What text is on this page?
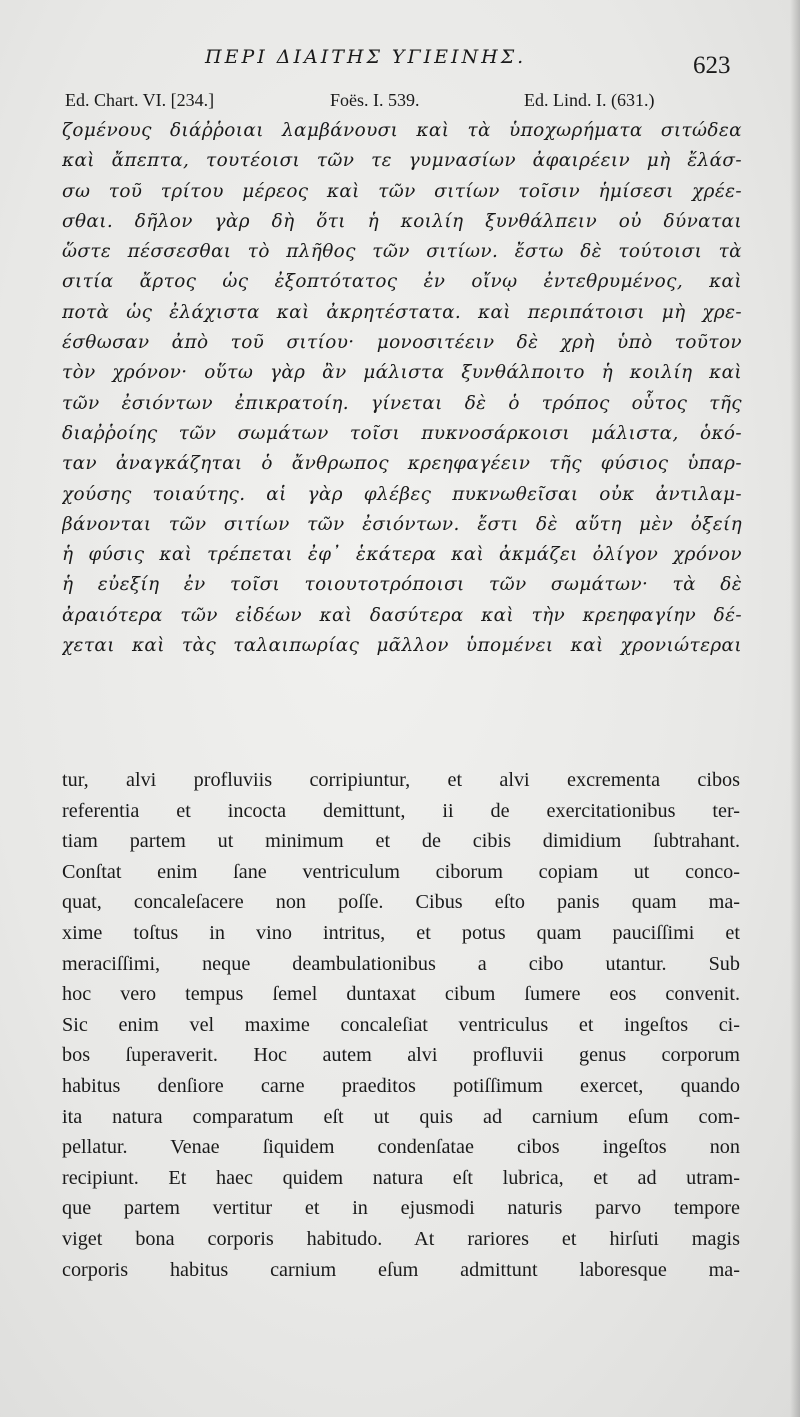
ΠΕΡΙ ΔΙΑΙΤΗΣ ΥΓΙΕΙΝΗΣ.	623
Ed. Chart. VI. [234.]	Foës. I. 539.	Ed. Lind. I. (631.)
ζομένους διάῤῥοιαι λαμβάνουσι καὶ τὰ ὑποχωρήματα σιτώδεα
καὶ ἄπεπτα, τουτέοισι τῶν τε γυμνασίων ἀφαιρέειν μὴ ἔλάσ-
σω τοῦ τρίτου μέρεος καὶ τῶν σιτίων τοῖσιν ἡμίσεσι χρέε-
σθαι. δῆλον γὰρ δὴ ὅτι ἡ κοιλίη ξυνθάλπειν οὐ δύναται
ὥστε πέσσεσθαι τὸ πλῆθος τῶν σιτίων. ἔστω δὲ τούτοισι τὰ
σιτία ἄρτος ὡς ἐξοπτότατος ἐν οἴνῳ ἐντεθρυμένος, καὶ
ποτὰ ὡς ἐλάχιστα καὶ ἀκρητέστατα. καὶ περιπάτοισι μὴ χρε-
έσθωσαν ἀπὸ τοῦ σιτίου· μονοσιτέειν δὲ χρὴ ὑπὸ τοῦτον
τὸν χρόνον· οὕτω γὰρ ἂν μάλιστα ξυνθάλποιτο ἡ κοιλίη καὶ
τῶν ἐσιόντων ἐπικρατοίη. γίνεται δὲ ὁ τρόπος οὗτος τῆς
διαῤῥοίης τῶν σωμάτων τοῖσι πυκνοσάρκοισι μάλιστα, ὁκό-
ταν ἀναγκάζηται ὁ ἄνθρωπος κρεηφαγέειν τῆς φύσιος ὑπαρ-
χούσης τοιαύτης. αἱ γὰρ φλέβες πυκνωθεῖσαι οὐκ ἀντιλαμ-
βάνονται τῶν σιτίων τῶν ἐσιόντων. ἔστι δὲ αὕτη μὲν ὀξείη
ἡ φύσις καὶ τρέπεται ἐφ᾽ ἑκάτερα καὶ ἀκμάζει ὀλίγον χρόνον
ἡ εὐεξίη ἐν τοῖσι τοιουτοτρόποισι τῶν σωμάτων· τὰ δὲ
ἀραιότερα τῶν εἰδέων καὶ δασύτερα καὶ τὴν κρεηφαγίην δέ-
χεται καὶ τὰς ταλαιπωρίας μᾶλλον ὑπομένει καὶ χρονιώτεραι
tur, alvi profluviis corripiuntur, et alvi excrementa cibos
referentia et incocta demittunt, ii de exercitationibus ter-
tiam partem ut minimum et de cibis dimidium ſubtrahant.
Conſtat enim ſane ventriculum ciborum copiam ut conco-
quat, concaleſacere non poſſe. Cibus eſto panis quam ma-
xime toſtus in vino intritus, et potus quam pauciſſimi et
meraciſſimi, neque deambulationibus a cibo utantur. Sub
hoc vero tempus ſemel duntaxat cibum ſumere eos convenit.
Sic enim vel maxime concaleſiat ventriculus et ingeſtos ci-
bos ſuperaverit. Hoc autem alvi profluvii genus corporum
habitus denſiore carne praeditos potiſſimum exercet, quando
ita natura comparatum eſt ut quis ad carnium eſum com-
pellatur. Venae ſiquidem condenſatae cibos ingeſtos non
recipiunt. Et haec quidem natura eſt lubrica, et ad utram-
que partem vertitur et in ejusmodi naturis parvo tempore
viget bona corporis habitudo. At rariores et hirſuti magis
corporis habitus carnium eſum admittunt laboresque ma-
